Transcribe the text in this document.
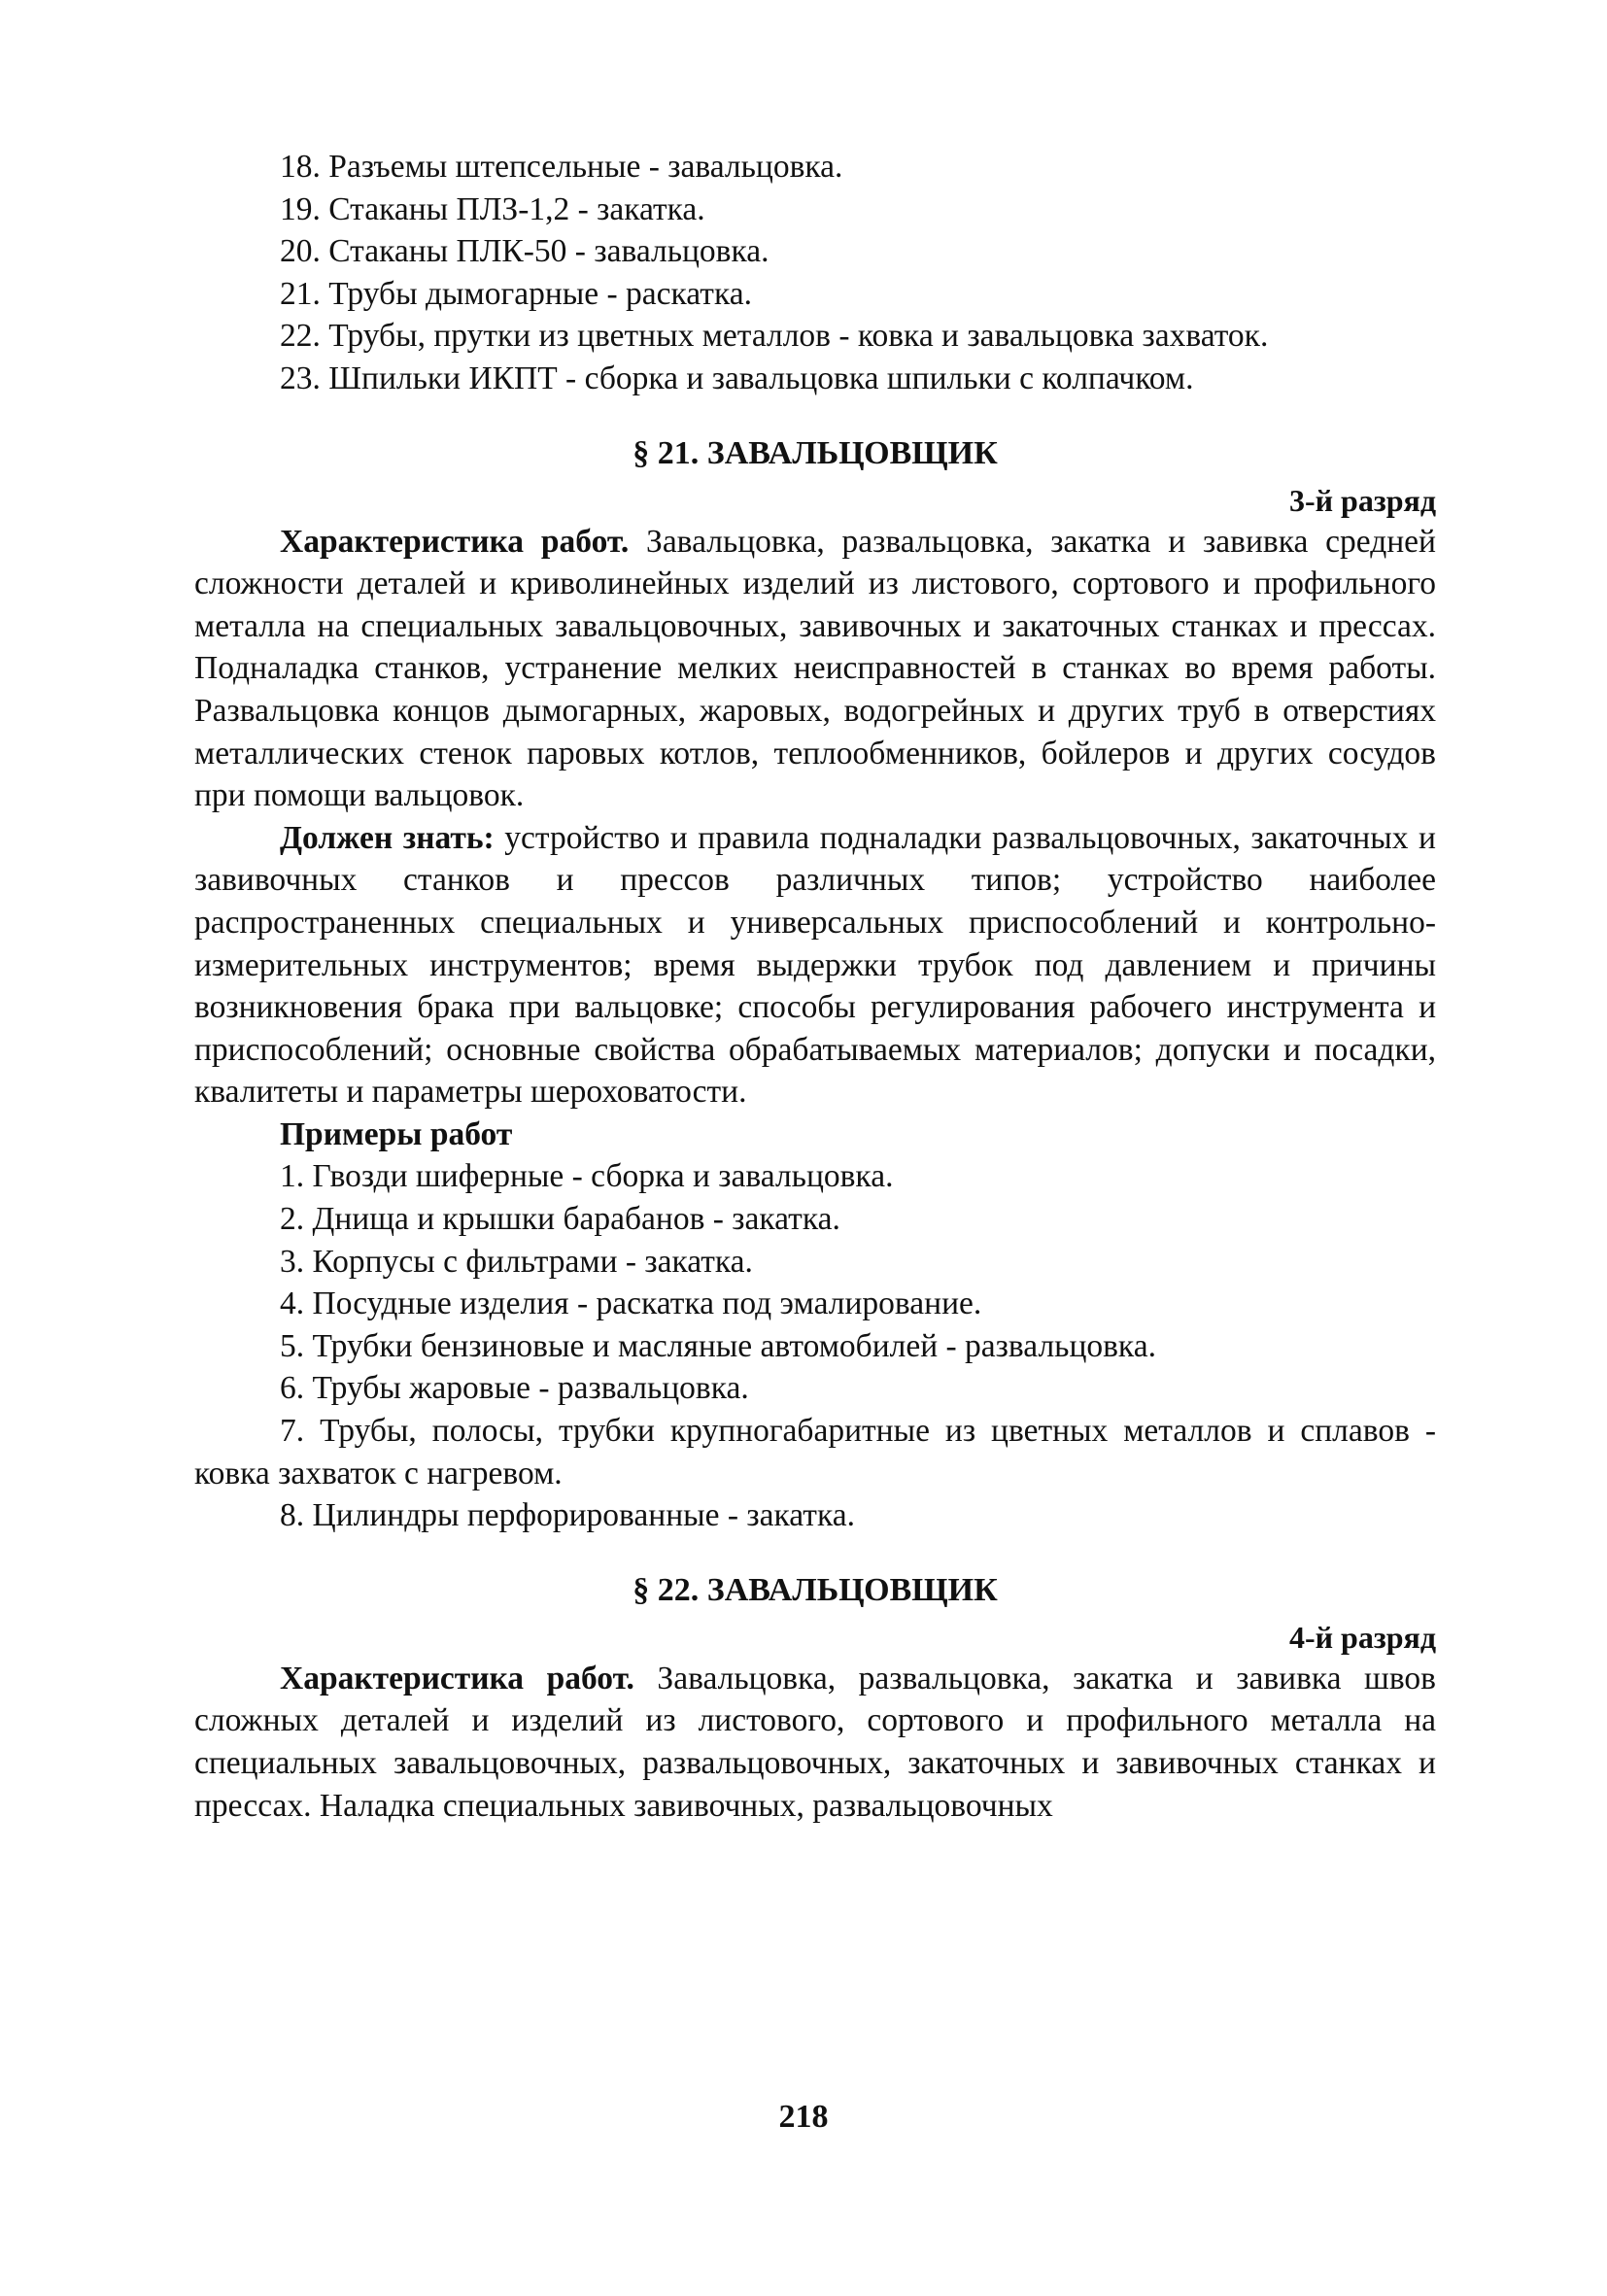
18. Разъемы штепсельные - завальцовка.

19. Стаканы ПЛЗ-1,2 - закатка.

20. Стаканы ПЛК-50 - завальцовка.

21. Трубы дымогарные - раскатка.

22. Трубы, прутки из цветных металлов - ковка и завальцовка захваток.

23. Шпильки ИКПТ - сборка и завальцовка шпильки с колпачком.

§ 21. ЗАВАЛЬЦОВЩИК

3-й разряд

Характеристика работ. Завальцовка, развальцовка, закатка и завивка средней сложности деталей и криволинейных изделий из листового, сортового и профильного металла на специальных завальцовочных, завивочных и закаточных станках и прессах. Подналадка станков, устранение мелких неисправностей в станках во время работы. Развальцовка концов дымогарных, жаровых, водогрейных и других труб в отверстиях металлических стенок паровых котлов, теплообменников, бойлеров и других сосудов при помощи вальцовок.

Должен знать: устройство и правила подналадки развальцовочных, закаточных и завивочных станков и прессов различных типов; устройство наиболее распространенных специальных и универсальных приспособлений и контрольно-измерительных инструментов; время выдержки трубок под давлением и причины возникновения брака при вальцовке; способы регулирования рабочего инструмента и приспособлений; основные свойства обрабатываемых материалов; допуски и посадки, квалитеты и параметры шероховатости.

Примеры работ

1. Гвозди шиферные - сборка и завальцовка.

2. Днища и крышки барабанов - закатка.

3. Корпусы с фильтрами - закатка.

4. Посудные изделия - раскатка под эмалирование.

5. Трубки бензиновые и масляные автомобилей - развальцовка.

6. Трубы жаровые - развальцовка.

7. Трубы, полосы, трубки крупногабаритные из цветных металлов и сплавов - ковка захваток с нагревом.

8. Цилиндры перфорированные - закатка.

§ 22. ЗАВАЛЬЦОВЩИК

4-й разряд

Характеристика работ. Завальцовка, развальцовка, закатка и завивка швов сложных деталей и изделий из листового, сортового и профильного металла на специальных завальцовочных, развальцовочных, закаточных и завивочных станках и прессах. Наладка специальных завивочных, развальцовочных

218
